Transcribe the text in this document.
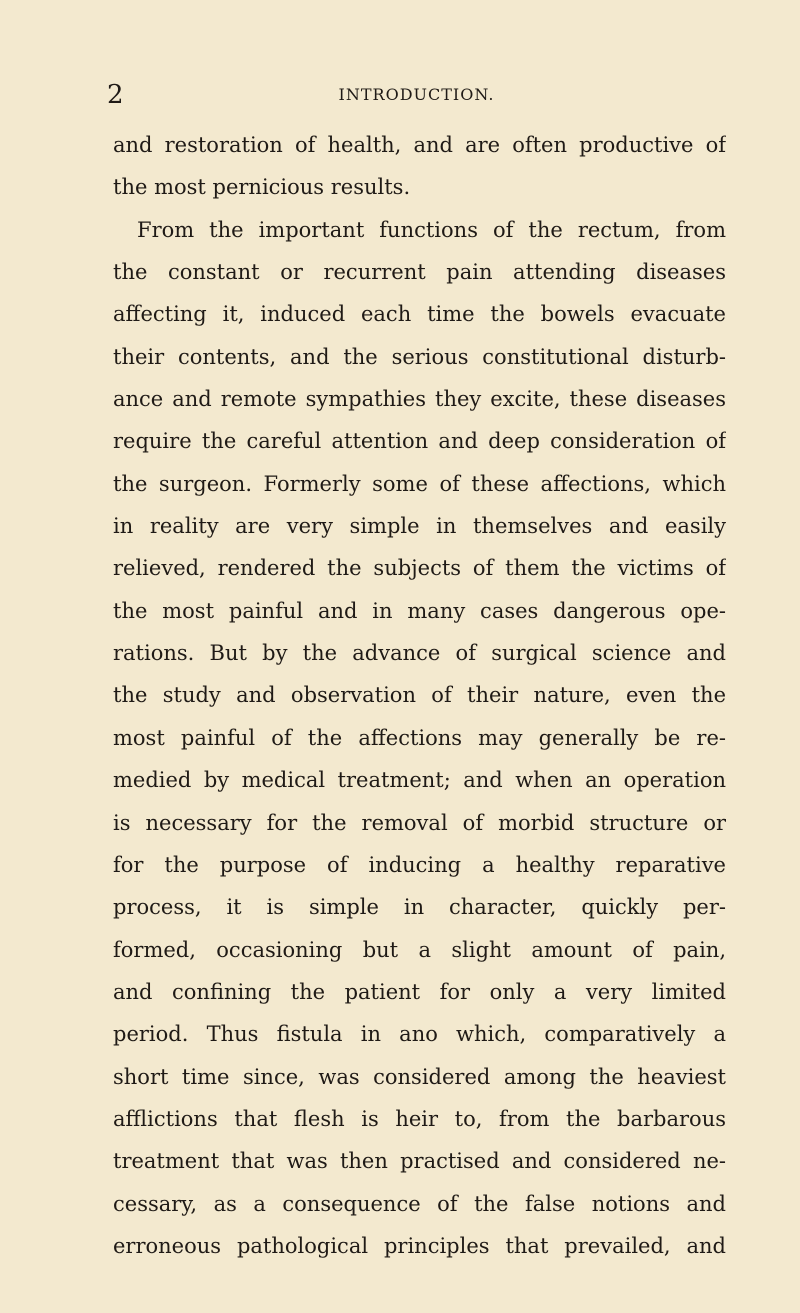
2	INTRODUCTION.
and restoration of health, and are often productive of
the most pernicious results.
From the important functions of the rectum, from
the constant or recurrent pain attending diseases
affecting it, induced each time the bowels evacuate
their contents, and the serious constitutional disturb-
ance and remote sympathies they excite, these diseases
require the careful attention and deep consideration of
the surgeon. Formerly some of these affections, which
in reality are very simple in themselves and easily
relieved, rendered the subjects of them the victims of
the most painful and in many cases dangerous ope-
rations. But by the advance of surgical science and
the study and observation of their nature, even the
most painful of the affections may generally be re-
medied by medical treatment; and when an operation
is necessary for the removal of morbid structure or
for the purpose of inducing a healthy reparative
process, it is simple in character, quickly per-
formed, occasioning but a slight amount of pain,
and confining the patient for only a very limited
period. Thus fistula in ano which, comparatively a
short time since, was considered among the heaviest
afflictions that flesh is heir to, from the barbarous
treatment that was then practised and considered ne-
cessary, as a consequence of the false notions and
erroneous pathological principles that prevailed, and
